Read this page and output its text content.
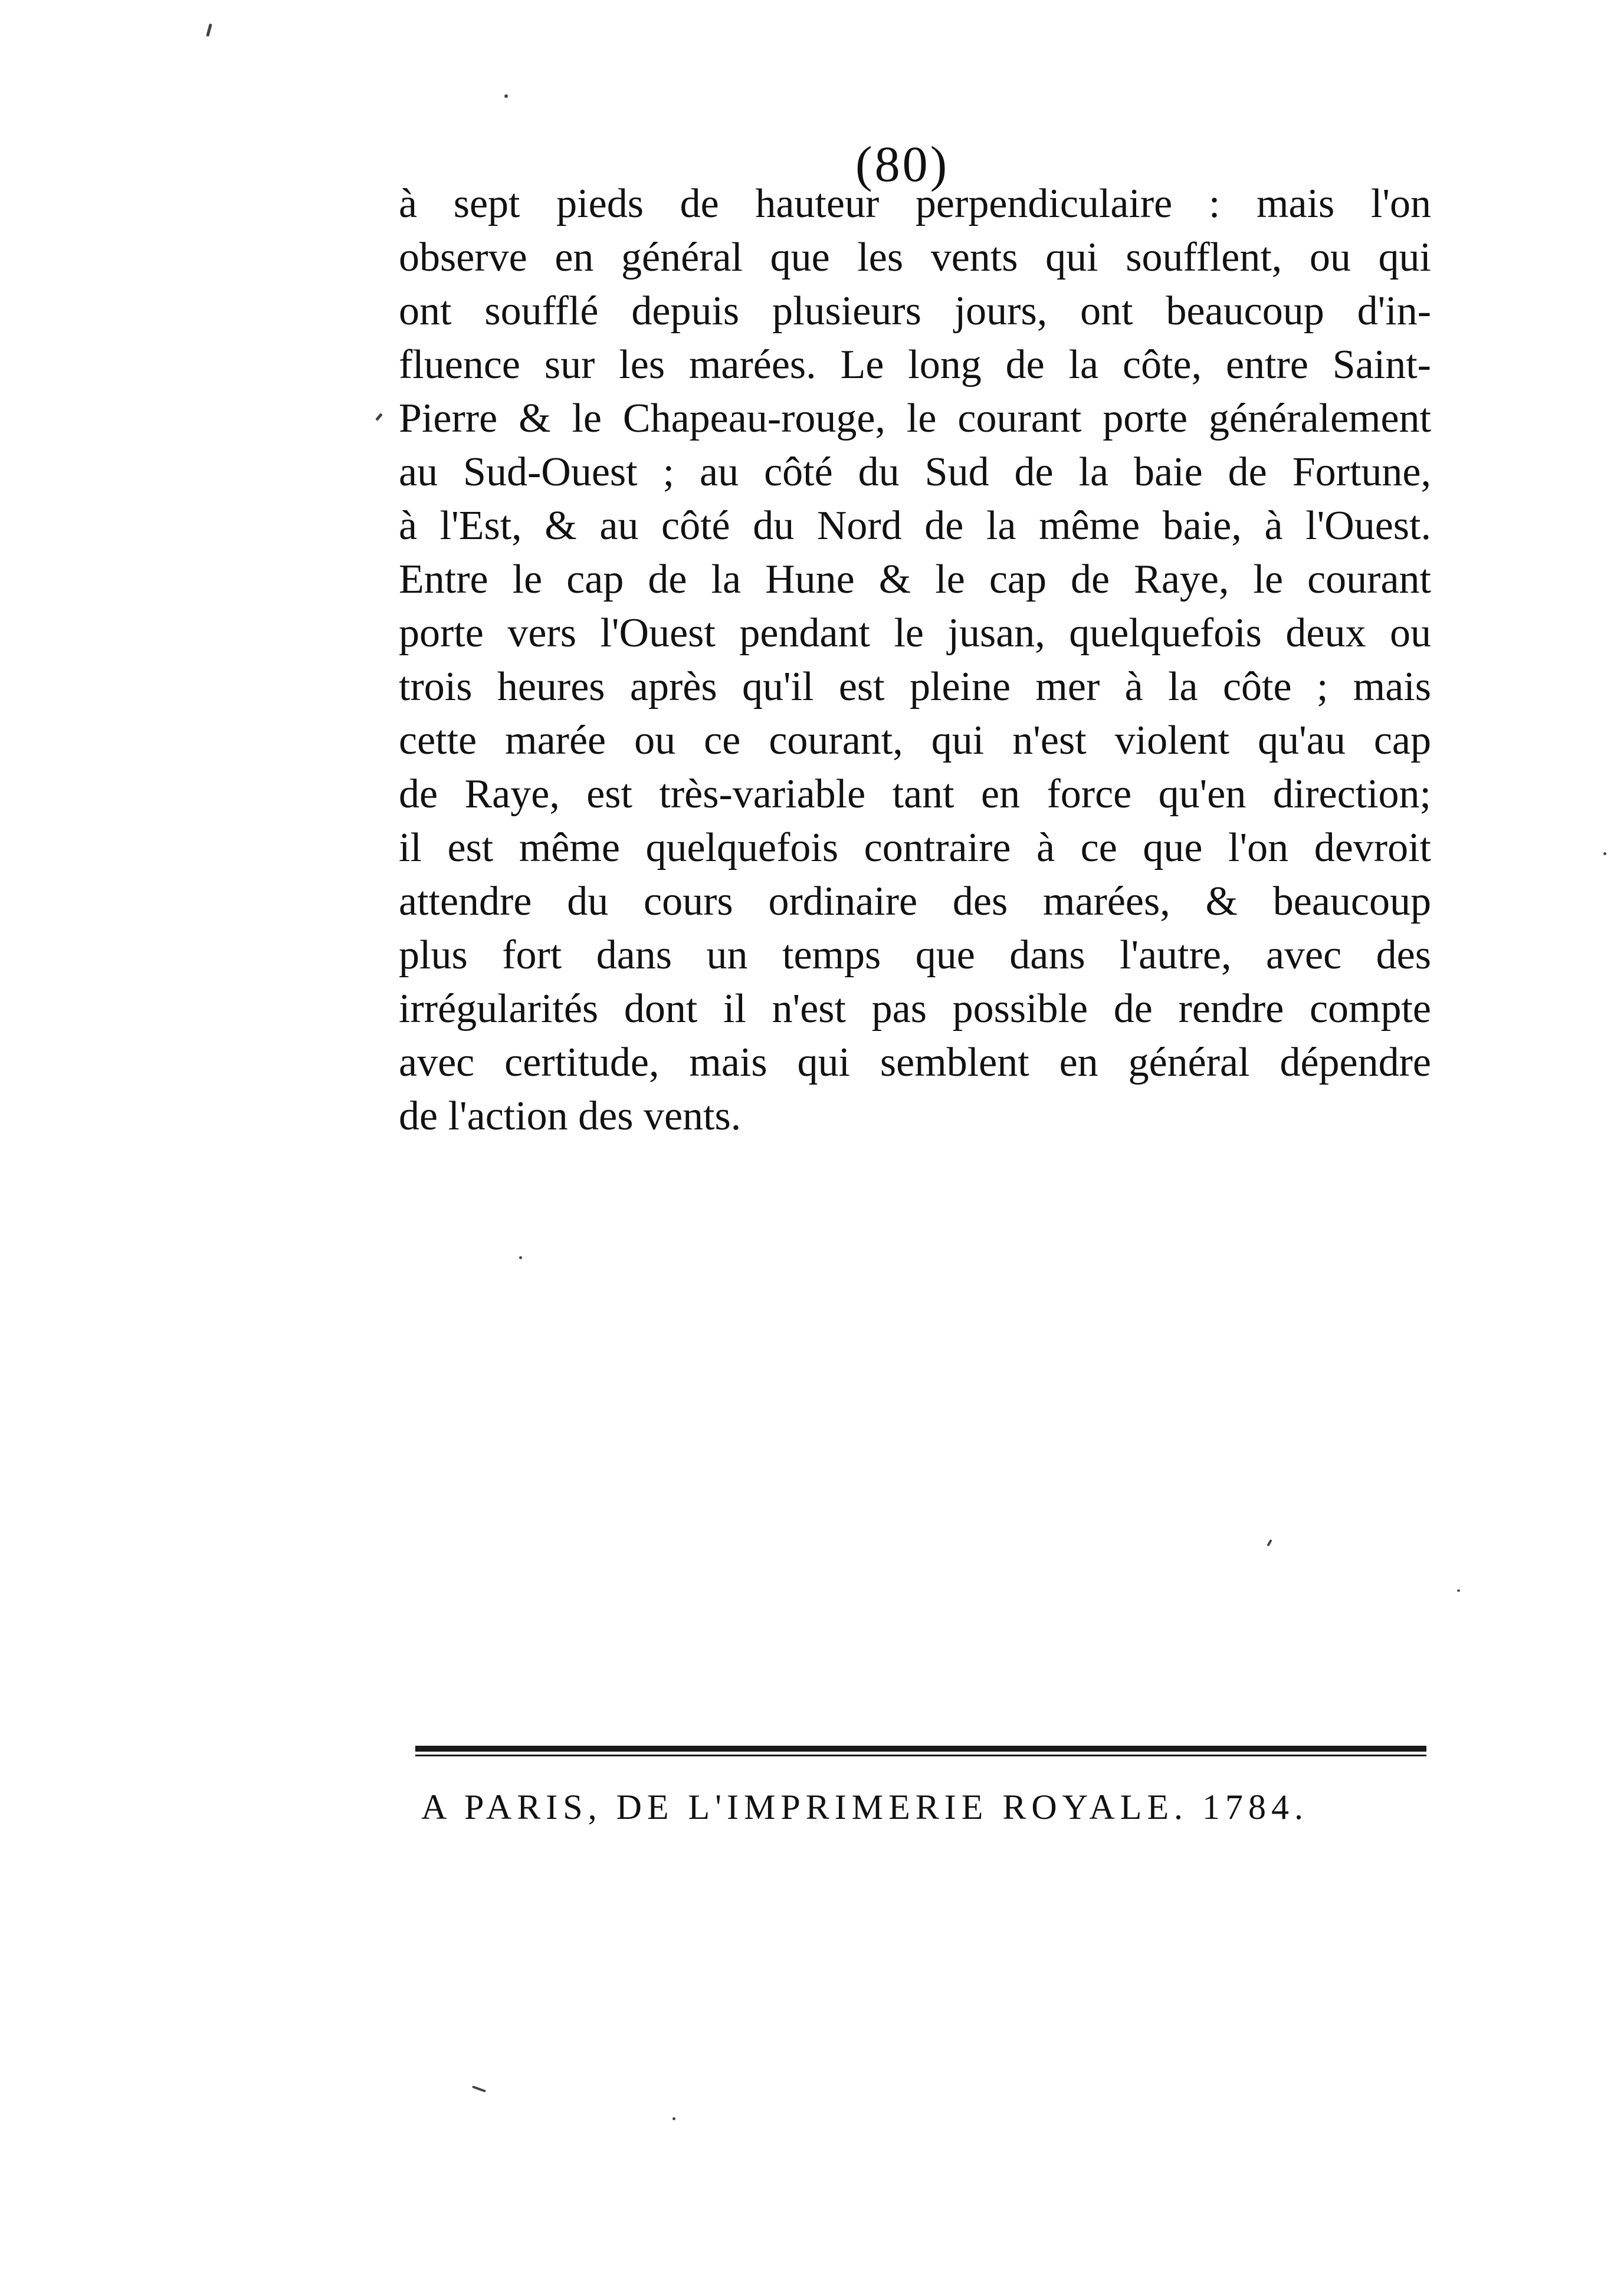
(80)
à sept pieds de hauteur perpendiculaire : mais l'on
observe en général que les vents qui soufflent, ou qui
ont soufflé depuis plusieurs jours, ont beaucoup d'in-
fluence sur les marées. Le long de la côte, entre Saint-
Pierre & le Chapeau-rouge, le courant porte généralement
au Sud-Ouest ; au côté du Sud de la baie de Fortune,
à l'Est, & au côté du Nord de la même baie, à l'Ouest.
Entre le cap de la Hune & le cap de Raye, le courant
porte vers l'Ouest pendant le jusan, quelquefois deux ou
trois heures après qu'il est pleine mer à la côte ; mais
cette marée ou ce courant, qui n'est violent qu'au cap
de Raye, est très-variable tant en force qu'en direction;
il est même quelquefois contraire à ce que l'on devroit
attendre du cours ordinaire des marées, & beaucoup
plus fort dans un temps que dans l'autre, avec des
irrégularités dont il n'est pas possible de rendre compte
avec certitude, mais qui semblent en général dépendre
de l'action des vents.
A PARIS, DE L'IMPRIMERIE ROYALE. 1784.
